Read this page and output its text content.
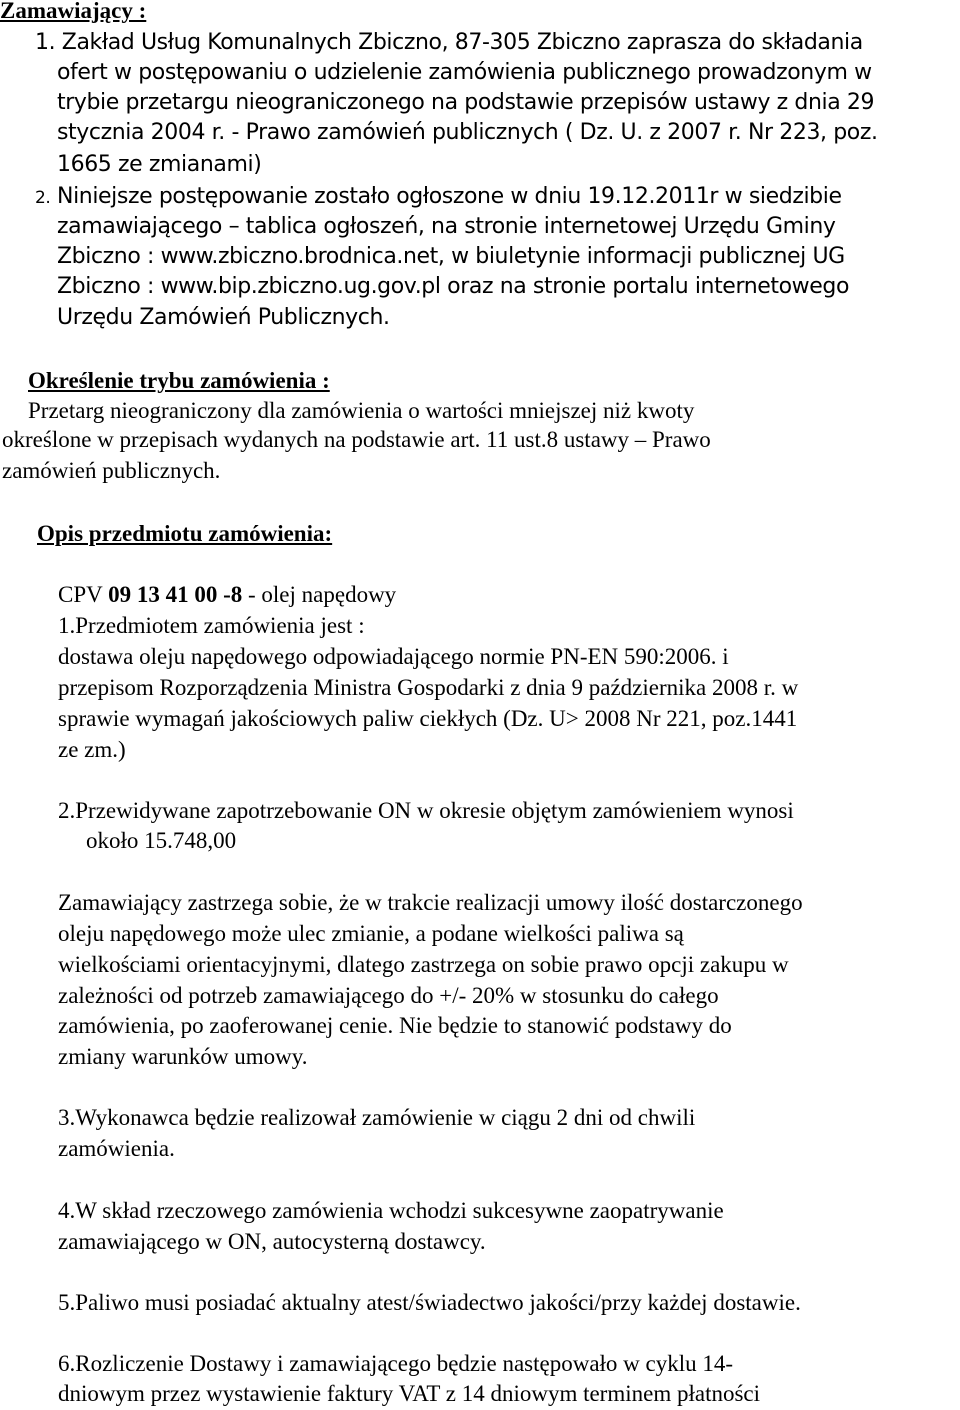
Zamawiający :
1. Zakład Usług Komunalnych Zbiczno, 87-305 Zbiczno zaprasza do składania
ofert w postępowaniu o udzielenie zamówienia publicznego prowadzonym w
trybie przetargu nieograniczonego na podstawie przepisów ustawy z dnia 29
stycznia 2004 r. - Prawo zamówień publicznych ( Dz. U. z 2007 r. Nr 223, poz.
1665 ze zmianami)
2. Niniejsze postępowanie zostało ogłoszone w dniu 19.12.2011r w siedzibie
zamawiającego – tablica ogłoszeń, na stronie internetowej Urzędu Gminy
Zbiczno : www.zbiczno.brodnica.net, w biuletynie informacji publicznej UG
Zbiczno : www.bip.zbiczno.ug.gov.pl oraz na stronie portalu internetowego
Urzędu Zamówień Publicznych.
Określenie trybu zamówienia :
Przetarg nieograniczony dla zamówienia o wartości mniejszej niż kwoty
określone w przepisach wydanych na podstawie art. 11 ust.8 ustawy – Prawo
zamówień publicznych.
Opis przedmiotu zamówienia:
CPV 09 13 41 00 -8 - olej napędowy
1.Przedmiotem zamówienia jest :
dostawa oleju napędowego odpowiadającego normie PN-EN 590:2006. i
przepisom Rozporządzenia Ministra Gospodarki z dnia 9 października 2008 r. w
sprawie wymagań jakościowych paliw ciekłych (Dz. U> 2008 Nr 221, poz.1441
ze zm.)
2.Przewidywane zapotrzebowanie ON w okresie objętym zamówieniem wynosi
około 15.748,00
Zamawiający zastrzega sobie, że w trakcie realizacji umowy ilość dostarczonego
oleju napędowego może ulec zmianie, a podane wielkości paliwa są
wielkościami orientacyjnymi, dlatego zastrzega on sobie prawo opcji zakupu w
zależności od potrzeb zamawiającego do +/- 20% w stosunku do całego
zamówienia, po zaoferowanej cenie. Nie będzie to stanowić podstawy do
zmiany warunków umowy.
3.Wykonawca będzie realizował zamówienie w ciągu 2 dni od chwili
zamówienia.
4.W skład rzeczowego zamówienia wchodzi sukcesywne zaopatrywanie
zamawiającego w ON, autocysterną dostawcy.
5.Paliwo musi posiadać aktualny atest/świadectwo jakości/przy każdej dostawie.
6.Rozliczenie Dostawy i zamawiającego będzie następowało w cyklu 14-
dniowym przez wystawienie faktury VAT z 14 dniowym terminem płatności
